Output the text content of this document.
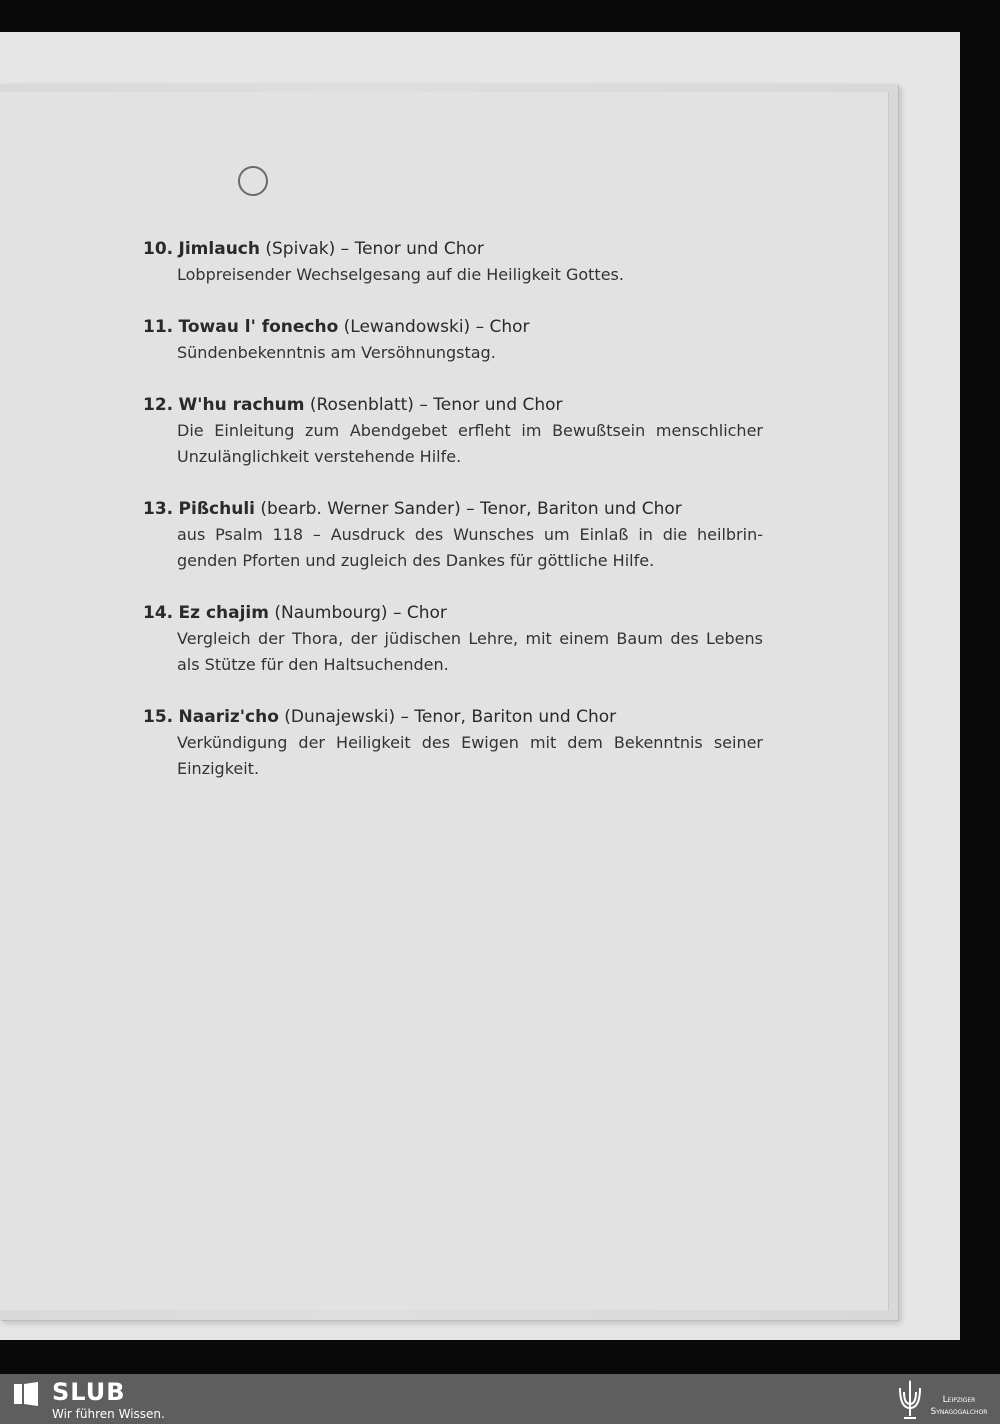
10. Jimlauch (Spivak) – Tenor und Chor
Lobpreisender Wechselgesang auf die Heiligkeit Gottes.
11. Towau l' fonecho (Lewandowski) – Chor
Sündenbekenntnis am Versöhnungstag.
12. W'hu rachum (Rosenblatt) – Tenor und Chor
Die Einleitung zum Abendgebet erfleht im Bewußtsein menschlicher Unzulänglichkeit verstehende Hilfe.
13. Pißchuli (bearb. Werner Sander) – Tenor, Bariton und Chor
aus Psalm 118 – Ausdruck des Wunsches um Einlaß in die heilbringenden Pforten und zugleich des Dankes für göttliche Hilfe.
14. Ez chajim (Naumbourg) – Chor
Vergleich der Thora, der jüdischen Lehre, mit einem Baum des Lebens als Stütze für den Haltsuchenden.
15. Naariz'cho (Dunajewski) – Tenor, Bariton und Chor
Verkündigung der Heiligkeit des Ewigen mit dem Bekenntnis seiner Einzigkeit.
SLUB
Wir führen Wissen.
Leipziger
Synagogalchor
